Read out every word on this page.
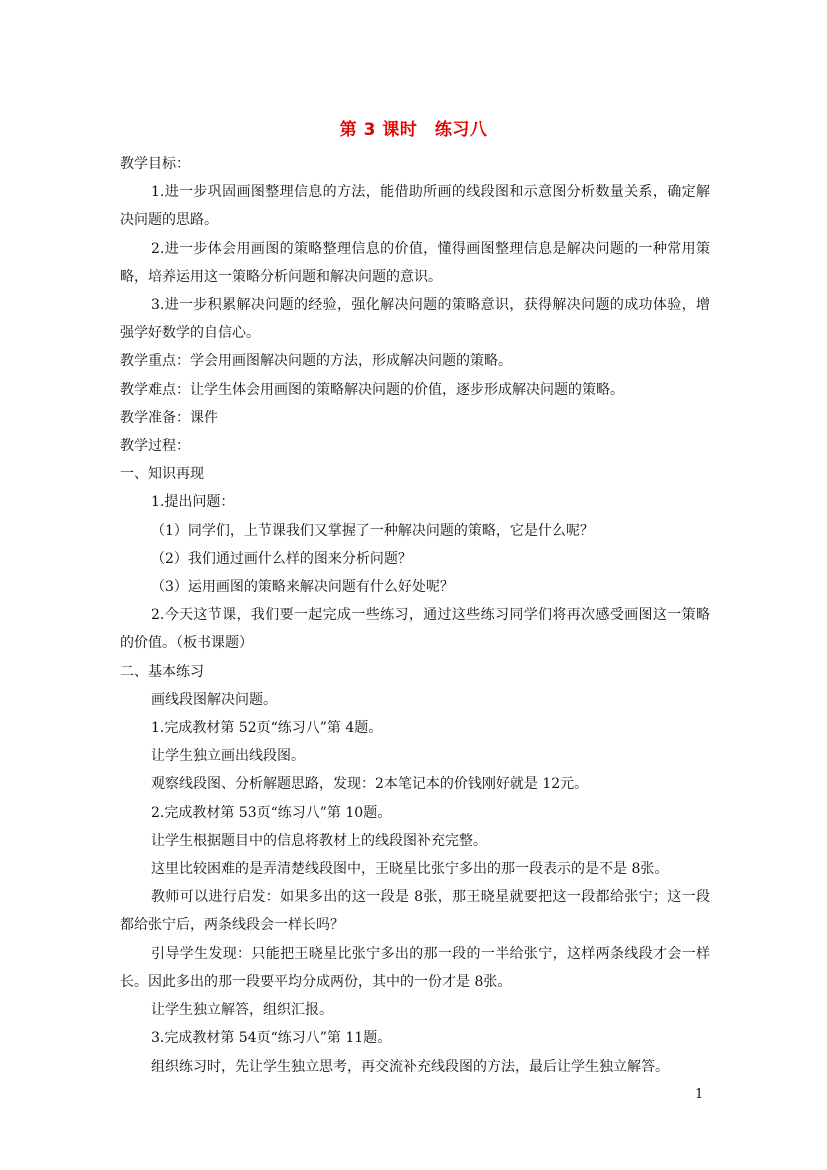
第 3 课时　练习八

教学目标：

1.进一步巩固画图整理信息的方法，能借助所画的线段图和示意图分析数量关系，确定解决问题的思路。

2.进一步体会用画图的策略整理信息的价值，懂得画图整理信息是解决问题的一种常用策略，培养运用这一策略分析问题和解决问题的意识。

3.进一步积累解决问题的经验，强化解决问题的策略意识，获得解决问题的成功体验，增强学好数学的自信心。

教学重点：学会用画图解决问题的方法，形成解决问题的策略。

教学难点：让学生体会用画图的策略解决问题的价值，逐步形成解决问题的策略。

教学准备：课件

教学过程：

一、知识再现

1.提出问题：

（1）同学们，上节课我们又掌握了一种解决问题的策略，它是什么呢？

（2）我们通过画什么样的图来分析问题？

（3）运用画图的策略来解决问题有什么好处呢？

2.今天这节课，我们要一起完成一些练习，通过这些练习同学们将再次感受画图这一策略的价值。（板书课题）

二、基本练习

画线段图解决问题。

1.完成教材第 52页“练习八”第 4题。

让学生独立画出线段图。

观察线段图、分析解题思路，发现：2本笔记本的价钱刚好就是 12元。

2.完成教材第 53页“练习八”第 10题。

让学生根据题目中的信息将教材上的线段图补充完整。

这里比较困难的是弄清楚线段图中，王晓星比张宁多出的那一段表示的是不是 8张。

教师可以进行启发：如果多出的这一段是 8张，那王晓星就要把这一段都给张宁；这一段都给张宁后，两条线段会一样长吗？

引导学生发现：只能把王晓星比张宁多出的那一段的一半给张宁，这样两条线段才会一样长。因此多出的那一段要平均分成两份，其中的一份才是 8张。

让学生独立解答，组织汇报。

3.完成教材第 54页“练习八”第 11题。

组织练习时，先让学生独立思考，再交流补充线段图的方法，最后让学生独立解答。

1
